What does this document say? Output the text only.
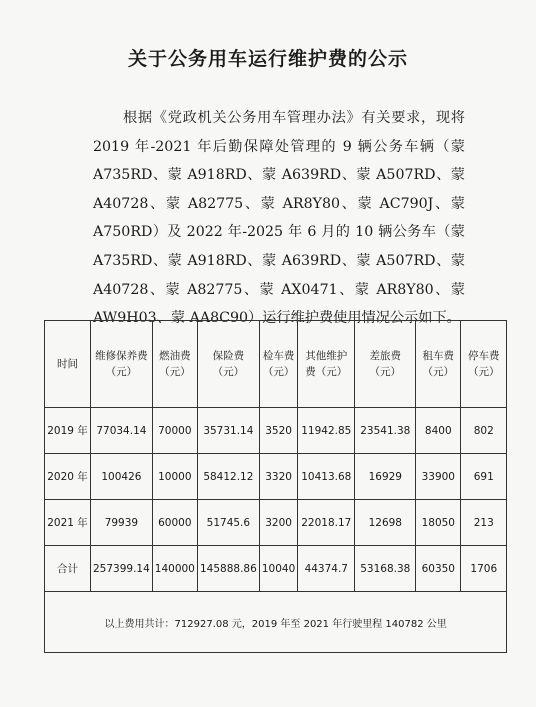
关于公务用车运行维护费的公示
根据《党政机关公务用车管理办法》有关要求，现将 2019 年-2021 年后勤保障处管理的 9 辆公务车辆（蒙 A735RD、蒙 A918RD、蒙 A639RD、蒙 A507RD、蒙 A40728、蒙 A82775、蒙 AR8Y80、蒙 AC790J、蒙 A750RD）及 2022 年-2025 年 6 月的 10 辆公务车（蒙 A735RD、蒙 A918RD、蒙 A639RD、蒙 A507RD、蒙 A40728、蒙 A82775、蒙 AX0471、蒙 AR8Y80、蒙 AW9H03、蒙 AA8C90）运行维护费使用情况公示如下。
时间	维修保养费（元）	燃油费（元）	保险费（元）	检车费（元）	其他维护费（元）	差旅费（元）	租车费（元）	停车费（元）
2019 年	77034.14	70000	35731.14	3520	11942.85	23541.38	8400	802
2020 年	100426	10000	58412.12	3320	10413.68	16929	33900	691
2021 年	79939	60000	51745.6	3200	22018.17	12698	18050	213
合计	257399.14	140000	145888.86	10040	44374.7	53168.38	60350	1706
以上费用共计：712927.08 元，2019 年至 2021 年行驶里程 140782 公里								
